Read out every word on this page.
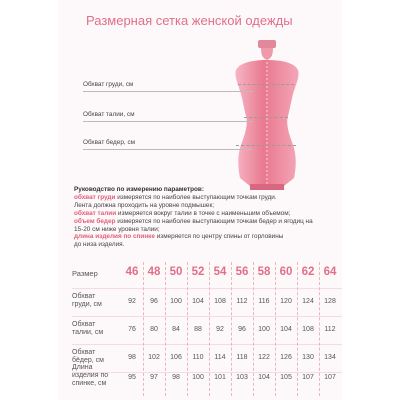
Размерная сетка женской одежды
Обхват груди, см
Обхват талии, см
Обхват бедер, см

Руководство по измерению параметров:

обхват груди измеряется по наиболее выступающим точкам груди.

Лента должна проходить на уровне подмышек;

обхват талии измеряется вокруг талии в точке с наименьшим объемом;

объем бедер измеряется по наиболее выступающим точкам бедер и ягодиц на

15-20 см ниже уровня талии;

длина изделия по спинке измеряется по центру спины от горловины

до низа изделия.

Размер	46 48 50 52 54 56 58 60 62 64
Обхват
груди, см	92	96	100	104	108	112	116	120	124	128
Обхват
талии, см	76	80	84	88	92	96	100	104	108	112
Обхват
бёдер, см	98	102	106	110	114	118	122	126	130	134
Длина
изделия по
спинке, см
95	97	98	100	101	103	104	105	107	107
